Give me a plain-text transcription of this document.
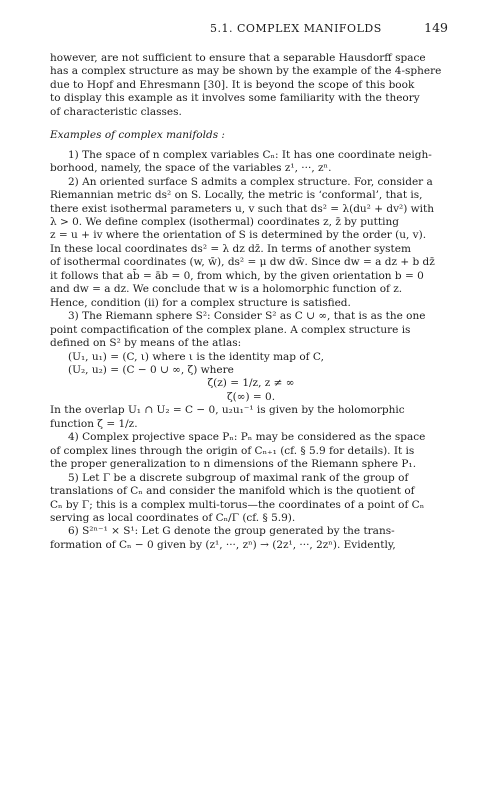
5.1. COMPLEX MANIFOLDS	149

however, are not sufficient to ensure that a separable Hausdorff space

has a complex structure as may be shown by the example of the 4-sphere

due to Hopf and Ehresmann [30]. It is beyond the scope of this book

to display this example as it involves some familiarity with the theory

of characteristic classes.

Examples of complex manifolds :

1) The space of n complex variables Cₙ: It has one coordinate neigh-

borhood, namely, the space of the variables z¹, ···, zⁿ.

2) An oriented surface S admits a complex structure. For, consider a

Riemannian metric ds² on S. Locally, the metric is ‘conformal’, that is,

there exist isothermal parameters u, v such that ds² = λ(du² + dv²) with

λ > 0. We define complex (isothermal) coordinates z, z̄ by putting

z = u + iv where the orientation of S is determined by the order (u, v).

In these local coordinates ds² = λ dz dz̄. In terms of another system

of isothermal coordinates (w, w̄), ds² = μ dw dw̄. Since dw = a dz + b dz̄

it follows that ab̄ = āb = 0, from which, by the given orientation b = 0

and dw = a dz. We conclude that w is a holomorphic function of z.

Hence, condition (ii) for a complex structure is satisfied.

3) The Riemann sphere S²: Consider S² as C ∪ ∞, that is as the one

point compactification of the complex plane. A complex structure is

defined on S² by means of the atlas:

(U₁, u₁) = (C, ι) where ι is the identity map of C,

(U₂, u₂) = (C − 0 ∪ ∞, ζ) where

ζ(z) = 1/z, z ≠ ∞

ζ(∞) = 0.

In the overlap U₁ ∩ U₂ = C − 0, u₂u₁⁻¹ is given by the holomorphic

function ζ = 1/z.

4) Complex projective space Pₙ: Pₙ may be considered as the space

of complex lines through the origin of Cₙ₊₁ (cf. § 5.9 for details). It is

the proper generalization to n dimensions of the Riemann sphere P₁.

5) Let Γ be a discrete subgroup of maximal rank of the group of

translations of Cₙ and consider the manifold which is the quotient of

Cₙ by Γ; this is a complex multi-torus—the coordinates of a point of Cₙ

serving as local coordinates of Cₙ/Γ (cf. § 5.9).

6) S²ⁿ⁻¹ × S¹: Let G denote the group generated by the trans-

formation of Cₙ − 0 given by (z¹, ···, zⁿ) → (2z¹, ···, 2zⁿ). Evidently,
